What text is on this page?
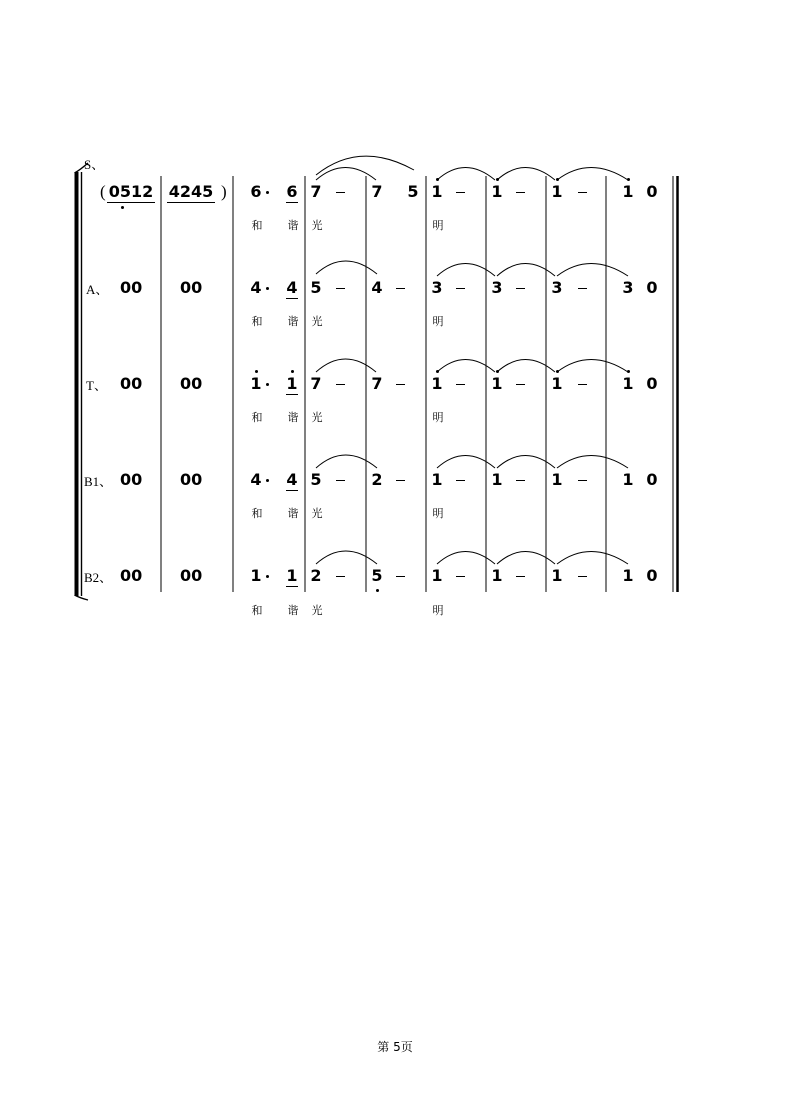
S、
A、
T、
B1、
B2、
( 0512 4245 )	6	6 7	7	5 1	1	1	1 0
和	谐	光	明
00 00	4	4 5	4	3	3	3	3 0
和	谐	光	明
00 00	1	1 7	7	1	1	1	1 0
和	谐	光	明
00 00	4	4 5	2	1	1	1	1 0
和	谐	光	明
00 00	1	1 2	5	1	1	1	1 0
和	谐	光	明
第 5页
